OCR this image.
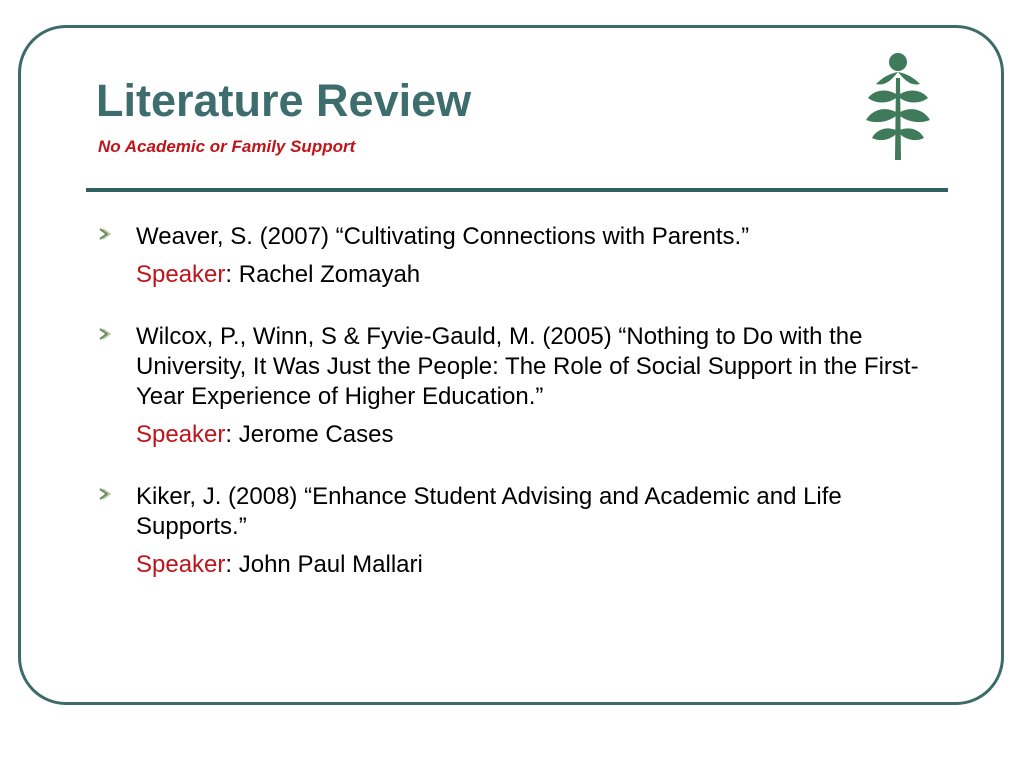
Literature Review

No Academic or Family Support

Weaver, S. (2007) “Cultivating Connections with Parents.”

Speaker: Rachel Zomayah

Wilcox, P., Winn, S & Fyvie-Gauld, M. (2005) “Nothing to Do with the University, It Was Just the People: The Role of Social Support in the First-Year Experience of Higher Education.”

Speaker: Jerome Cases

Kiker, J. (2008) “Enhance Student Advising and Academic and Life Supports.”

Speaker: John Paul Mallari
